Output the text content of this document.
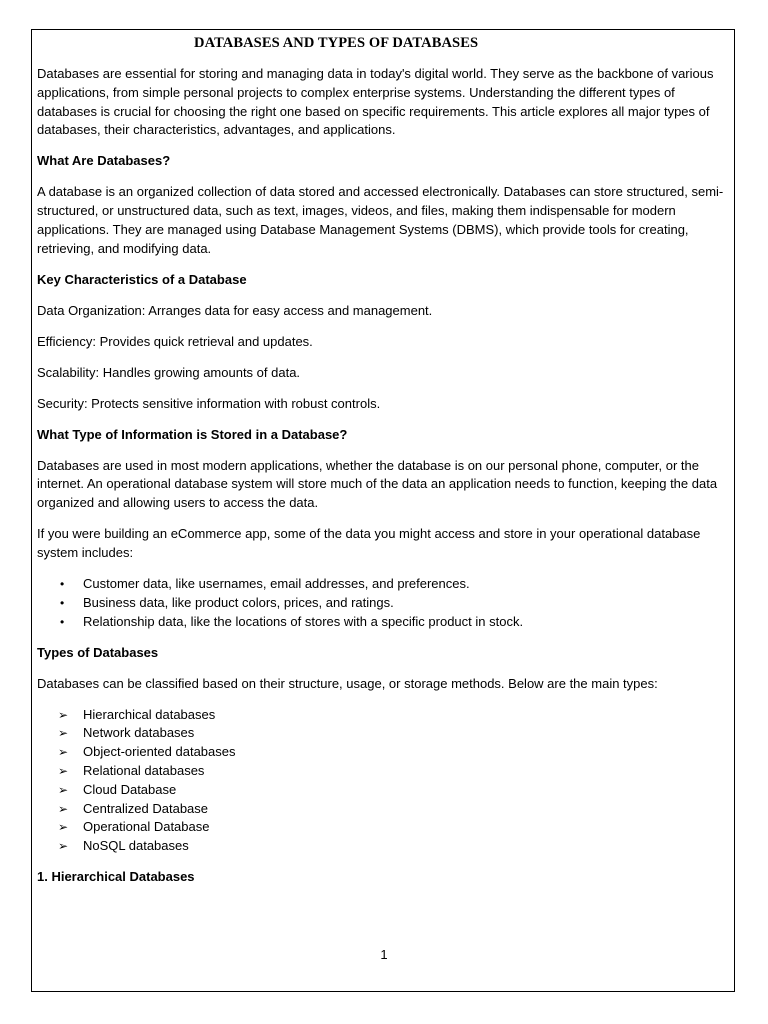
DATABASES AND TYPES OF DATABASES

Databases are essential for storing and managing data in today's digital world. They serve as the backbone of various applications, from simple personal projects to complex enterprise systems. Understanding the different types of databases is crucial for choosing the right one based on specific requirements. This article explores all major types of databases, their characteristics, advantages, and applications.

What Are Databases?

A database is an organized collection of data stored and accessed electronically. Databases can store structured, semi-structured, or unstructured data, such as text, images, videos, and files, making them indispensable for modern applications. They are managed using Database Management Systems (DBMS), which provide tools for creating, retrieving, and modifying data.

Key Characteristics of a Database

Data Organization: Arranges data for easy access and management.

Efficiency: Provides quick retrieval and updates.

Scalability: Handles growing amounts of data.

Security: Protects sensitive information with robust controls.

What Type of Information is Stored in a Database?

Databases are used in most modern applications, whether the database is on our personal phone, computer, or the internet. An operational database system will store much of the data an application needs to function, keeping the data organized and allowing users to access the data.

If you were building an eCommerce app, some of the data you might access and store in your operational database system includes:

•	Customer data, like usernames, email addresses, and preferences.
•	Business data, like product colors, prices, and ratings.
•	Relationship data, like the locations of stores with a specific product in stock.
Types of Databases

Databases can be classified based on their structure, usage, or storage methods. Below are the main types:

➢	Hierarchical databases
➢	Network databases
➢	Object-oriented databases
➢	Relational databases
➢	Cloud Database
➢	Centralized Database
➢	Operational Database
➢	NoSQL databases
1. Hierarchical Databases
1
